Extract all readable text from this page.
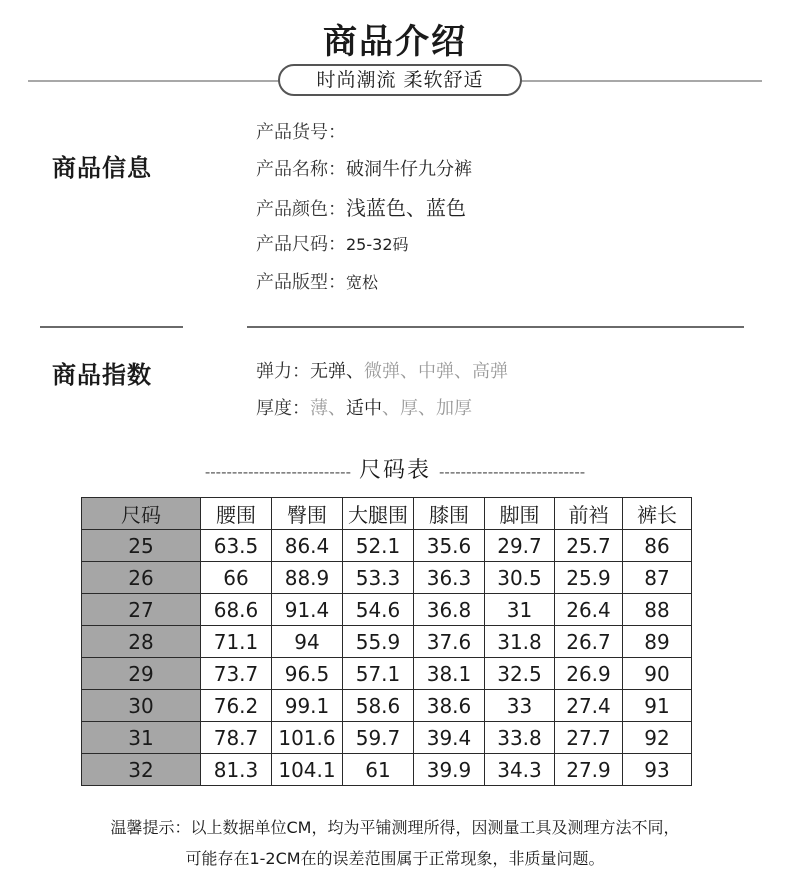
商品介绍
时尚潮流 柔软舒适
商品信息
产品货号：
产品名称：破洞牛仔九分裤
产品颜色：浅蓝色、蓝色
产品尺码：25-32码
产品版型：宽松
商品指数	弹力：无弹、微弹、中弹、高弹
厚度：薄、适中、厚、加厚
--------------------------- 尺码表 ---------------------------
尺码	腰围	臀围	大腿围	膝围	脚围	前裆	裤长
25	63.5	86.4	52.1	35.6	29.7	25.7	86
26	66	88.9	53.3	36.3	30.5	25.9	87
27	68.6	91.4	54.6	36.8	31	26.4	88
28	71.1	94	55.9	37.6	31.8	26.7	89
29	73.7	96.5	57.1	38.1	32.5	26.9	90
30	76.2	99.1	58.6	38.6	33	27.4	91
31	78.7	101.6	59.7	39.4	33.8	27.7	92
32	81.3	104.1	61	39.9	34.3	27.9	93
温馨提示：以上数据单位CM，均为平铺测理所得，因测量工具及测理方法不同，
可能存在1-2CM在的误差范围属于正常现象，非质量问题。
